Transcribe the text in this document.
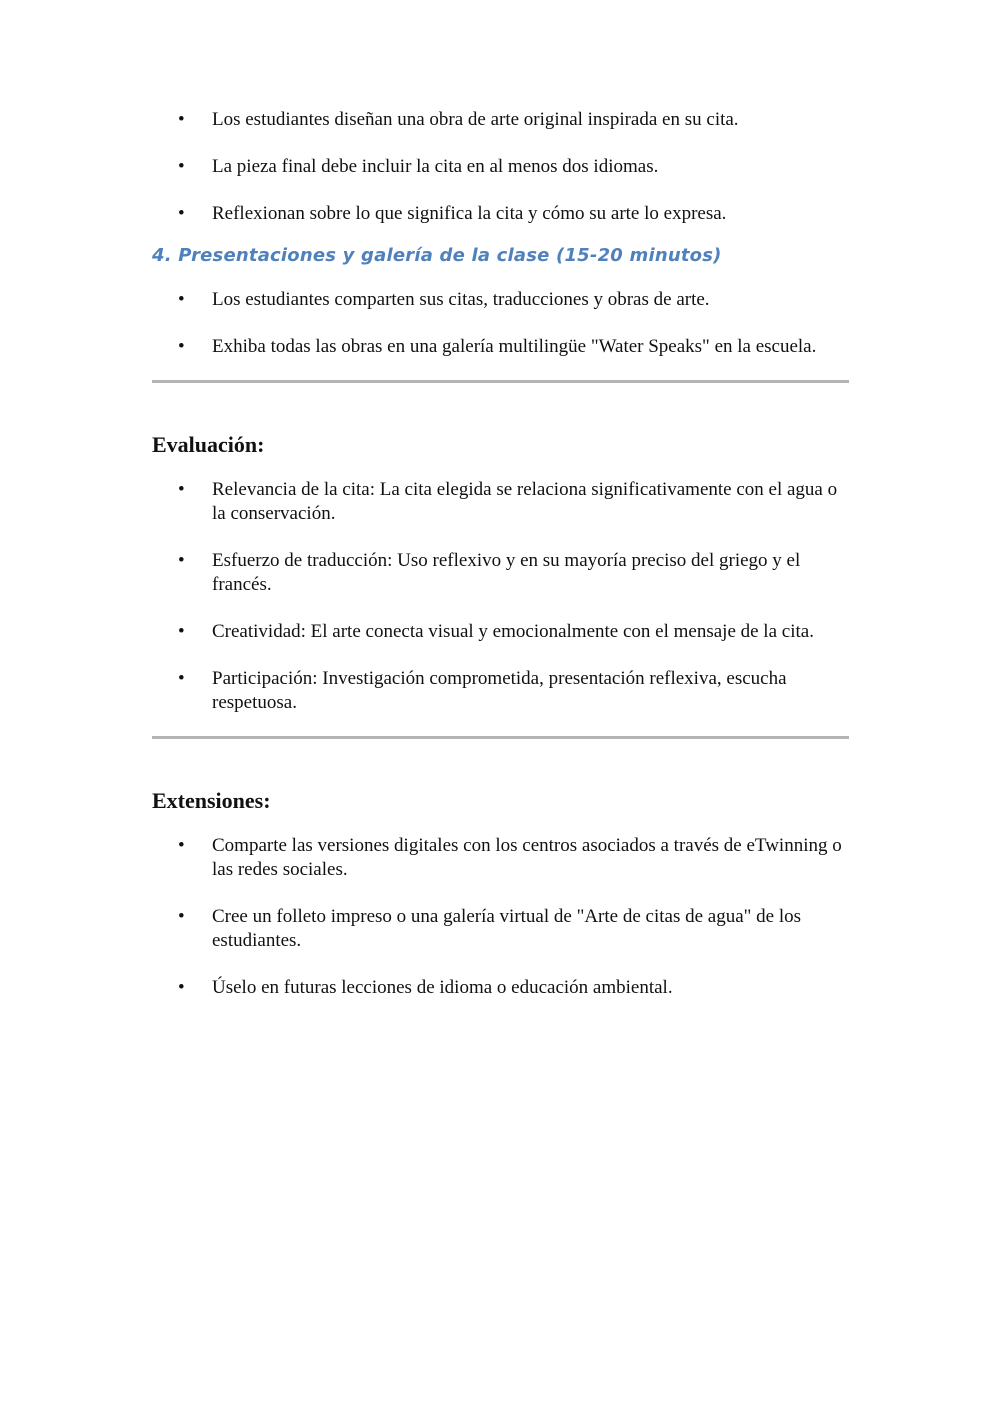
• Los estudiantes diseñan una obra de arte original inspirada en su cita.
• La pieza final debe incluir la cita en al menos dos idiomas.
• Reflexionan sobre lo que significa la cita y cómo su arte lo expresa.
4. Presentaciones y galería de la clase (15-20 minutos)
• Los estudiantes comparten sus citas, traducciones y obras de arte.
• Exhiba todas las obras en una galería multilingüe "Water Speaks" en la escuela.
Evaluación:
• Relevancia de la cita: La cita elegida se relaciona significativamente con el agua o la conservación.
• Esfuerzo de traducción: Uso reflexivo y en su mayoría preciso del griego y el francés.
• Creatividad: El arte conecta visual y emocionalmente con el mensaje de la cita.
• Participación: Investigación comprometida, presentación reflexiva, escucha respetuosa.
Extensiones:
• Comparte las versiones digitales con los centros asociados a través de eTwinning o las redes sociales.
• Cree un folleto impreso o una galería virtual de "Arte de citas de agua" de los estudiantes.
• Úselo en futuras lecciones de idioma o educación ambiental.
